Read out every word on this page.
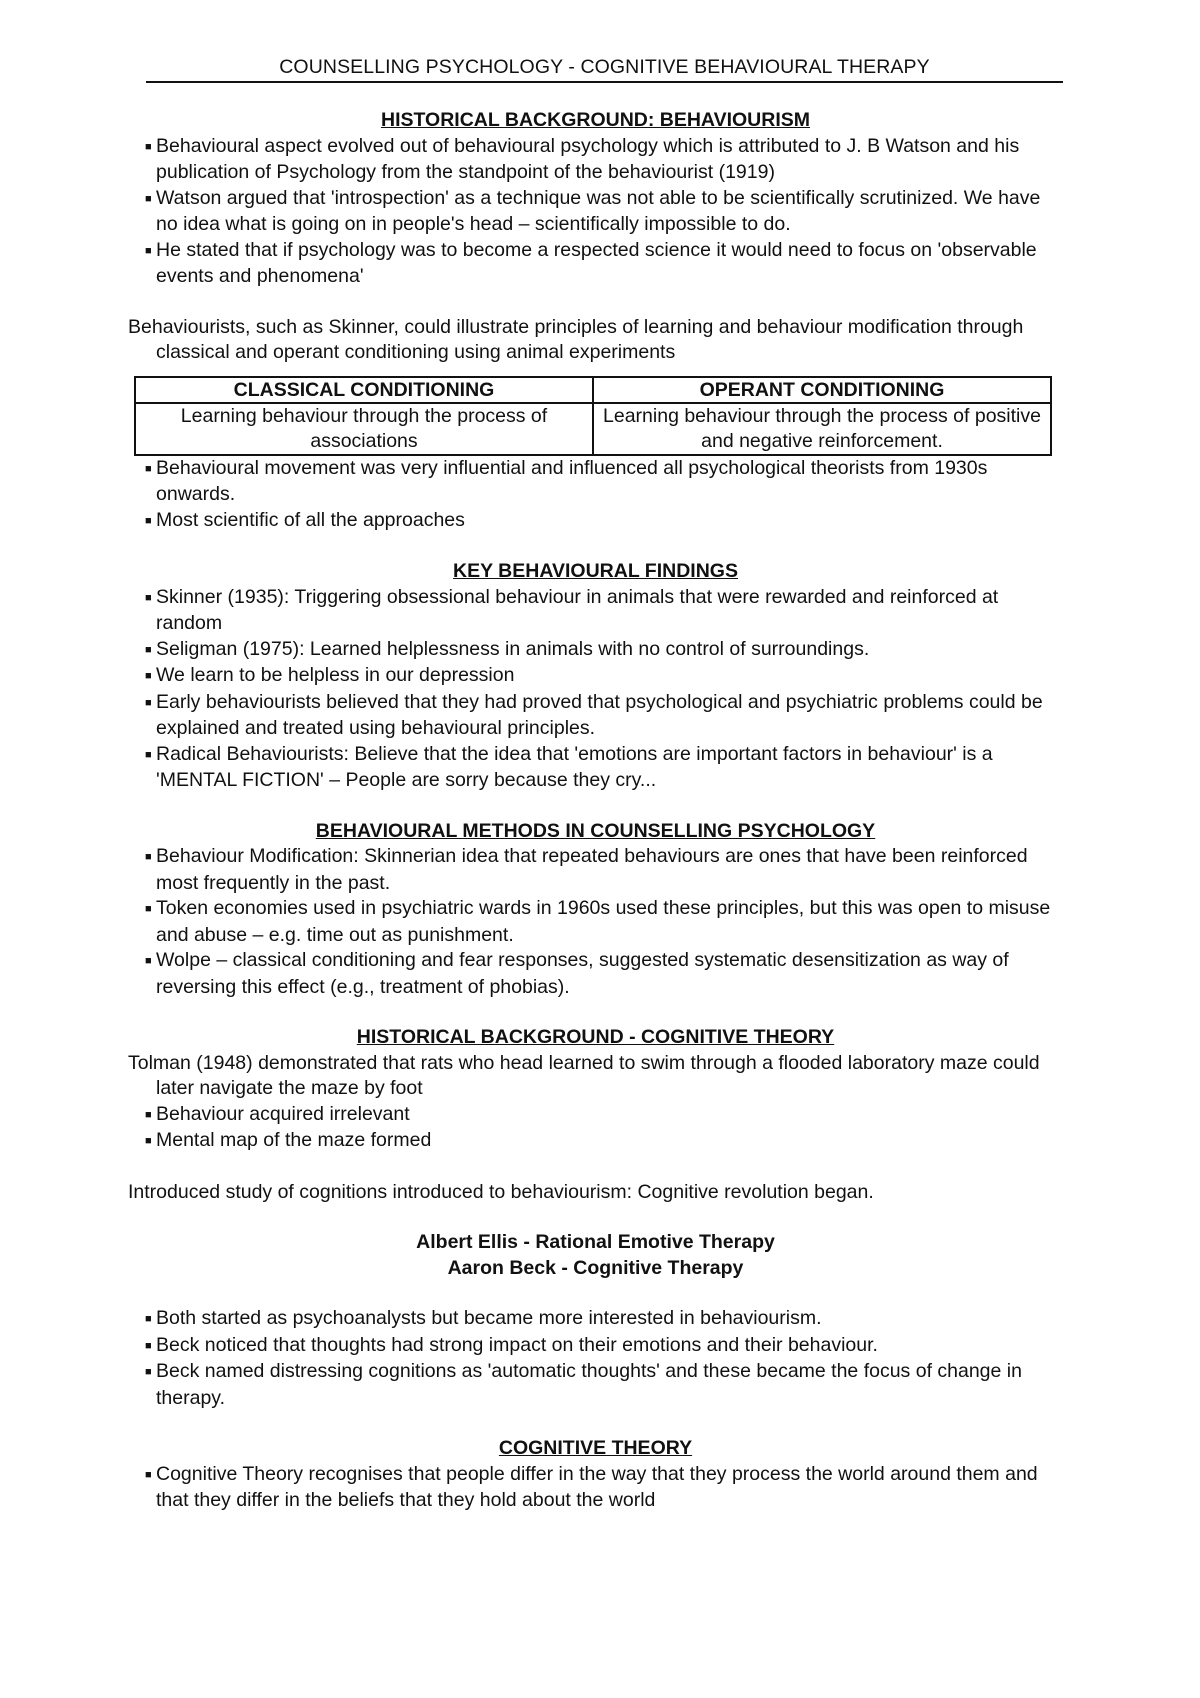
COUNSELLING PSYCHOLOGY - COGNITIVE BEHAVIOURAL THERAPY
HISTORICAL BACKGROUND: BEHAVIOURISM
■ Behavioural aspect evolved out of behavioural psychology which is attributed to J. B Watson and his publication of Psychology from the standpoint of the behaviourist (1919)
■ Watson argued that 'introspection' as a technique was not able to be scientifically scrutinized. We have no idea what is going on in people's head – scientifically impossible to do.
■ He stated that if psychology was to become a respected science it would need to focus on 'observable events and phenomena'

Behaviourists, such as Skinner, could illustrate principles of learning and behaviour modification through classical and operant conditioning using animal experiments

CLASSICAL CONDITIONING	OPERANT CONDITIONING
Learning behaviour through the process of associations	Learning behaviour through the process of positive and negative reinforcement.
■ Behavioural movement was very influential and influenced all psychological theorists from 1930s onwards.
■ Most scientific of all the approaches
KEY BEHAVIOURAL FINDINGS
■ Skinner (1935): Triggering obsessional behaviour in animals that were rewarded and reinforced at random
■ Seligman (1975): Learned helplessness in animals with no control of surroundings.
■ We learn to be helpless in our depression
■ Early behaviourists believed that they had proved that psychological and psychiatric problems could be explained and treated using behavioural principles.
■ Radical Behaviourists: Believe that the idea that 'emotions are important factors in behaviour' is a 'MENTAL FICTION' – People are sorry because they cry...
BEHAVIOURAL METHODS IN COUNSELLING PSYCHOLOGY
■ Behaviour Modification: Skinnerian idea that repeated behaviours are ones that have been reinforced most frequently in the past.
■ Token economies used in psychiatric wards in 1960s used these principles, but this was open to misuse and abuse – e.g. time out as punishment.
■ Wolpe – classical conditioning and fear responses, suggested systematic desensitization as way of reversing this effect (e.g., treatment of phobias).
HISTORICAL BACKGROUND - COGNITIVE THEORY

Tolman (1948) demonstrated that rats who head learned to swim through a flooded laboratory maze could later navigate the maze by foot

■ Behaviour acquired irrelevant
■ Mental map of the maze formed

Introduced study of cognitions introduced to behaviourism: Cognitive revolution began.

Albert Ellis - Rational Emotive Therapy

Aaron Beck - Cognitive Therapy

■ Both started as psychoanalysts but became more interested in behaviourism.
■ Beck noticed that thoughts had strong impact on their emotions and their behaviour.
■ Beck named distressing cognitions as 'automatic thoughts' and these became the focus of change in therapy.
COGNITIVE THEORY
■ Cognitive Theory recognises that people differ in the way that they process the world around them and that they differ in the beliefs that they hold about the world
